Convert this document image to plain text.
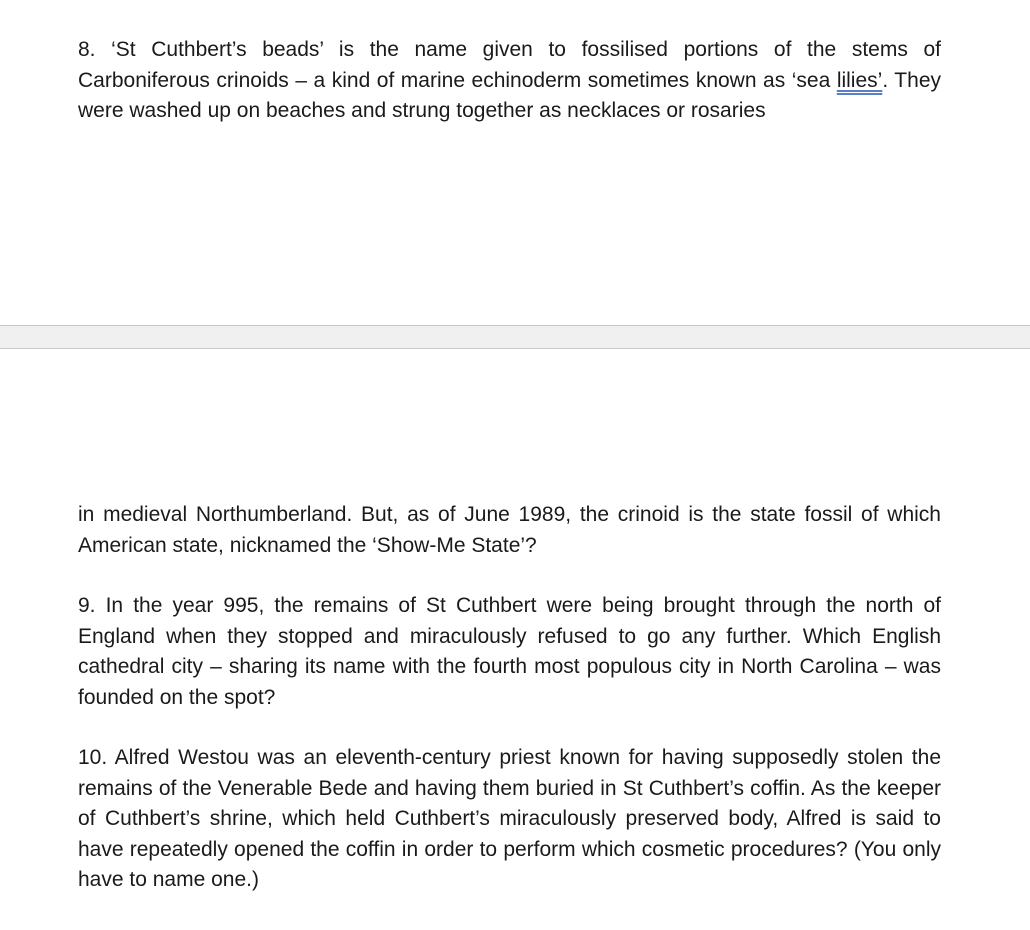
8. ‘St Cuthbert’s beads’ is the name given to fossilised portions of the stems of Carboniferous crinoids – a kind of marine echinoderm sometimes known as ‘sea lilies’. They were washed up on beaches and strung together as necklaces or rosaries

in medieval Northumberland. But, as of June 1989, the crinoid is the state fossil of which American state, nicknamed the ‘Show-Me State’?

9. In the year 995, the remains of St Cuthbert were being brought through the north of England when they stopped and miraculously refused to go any further. Which English cathedral city – sharing its name with the fourth most populous city in North Carolina – was founded on the spot?

10. Alfred Westou was an eleventh-century priest known for having supposedly stolen the remains of the Venerable Bede and having them buried in St Cuthbert’s coffin. As the keeper of Cuthbert’s shrine, which held Cuthbert’s miraculously preserved body, Alfred is said to have repeatedly opened the coffin in order to perform which cosmetic procedures? (You only have to name one.)
